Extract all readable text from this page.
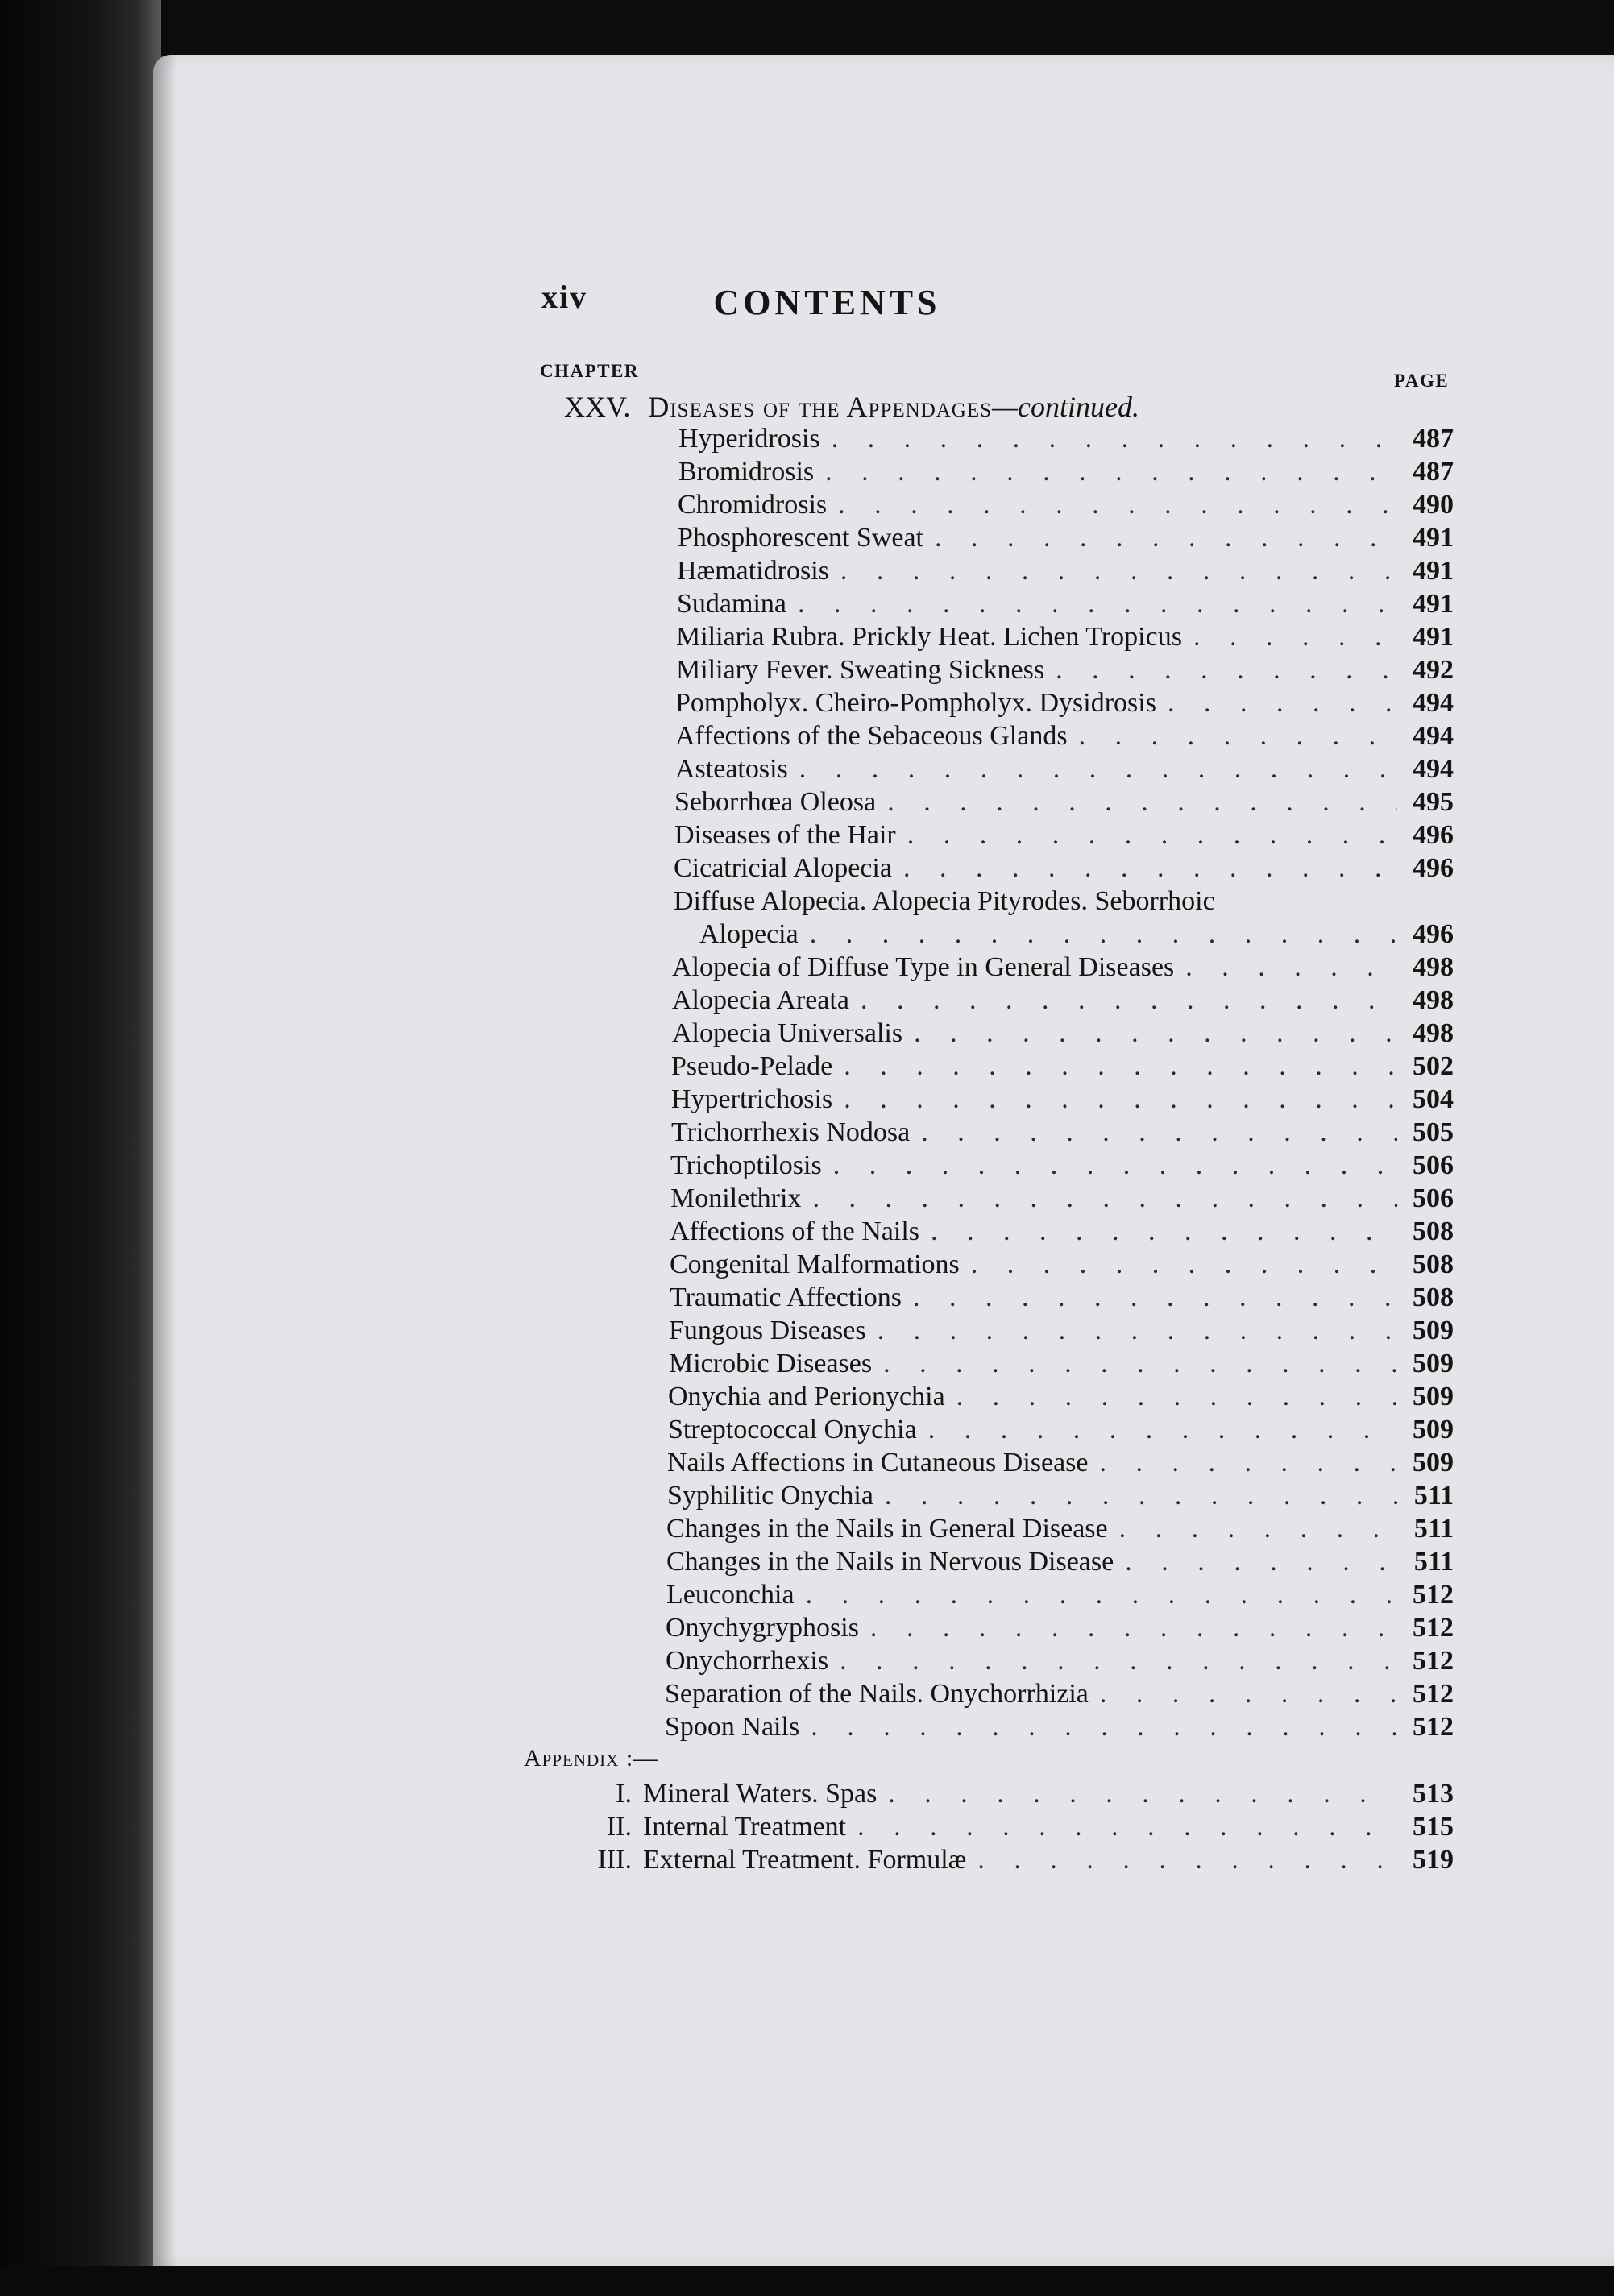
xiv	CONTENTS
CHAPTER	PAGE
XXV. Diseases of the Appendages—continued.
Hyperidrosis . . .	487
Bromidrosis . . .	487
Chromidrosis . . .	490
Phosphorescent Sweat . . .	491
Hæmatidrosis . . .	491
Sudamina . . .	491
Miliaria Rubra. Prickly Heat. Lichen Tropicus . . .	491
Miliary Fever. Sweating Sickness . . .	492
Pompholyx. Cheiro-Pompholyx. Dysidrosis . . .	494
Affections of the Sebaceous Glands . . .	494
Asteatosis . . .	494
Seborrhœa Oleosa . . .	495
Diseases of the Hair . . .	496
Cicatricial Alopecia . . .	496
Diffuse Alopecia. Alopecia Pityrodes. Seborrhoic
Alopecia . . .	496
Alopecia of Diffuse Type in General Diseases . . .	498
Alopecia Areata . . .	498
Alopecia Universalis . . .	498
Pseudo-Pelade . . .	502
Hypertrichosis . . .	504
Trichorrhexis Nodosa . . .	505
Trichoptilosis . . .	506
Monilethrix . . .	506
Affections of the Nails . . .	508
Congenital Malformations . . .	508
Traumatic Affections . . .	508
Fungous Diseases . . .	509
Microbic Diseases . . .	509
Onychia and Perionychia . . .	509
Streptococcal Onychia . . .	509
Nails Affections in Cutaneous Disease . . .	509
Syphilitic Onychia . . .	511
Changes in the Nails in General Disease . . .	511
Changes in the Nails in Nervous Disease . . .	511
Leuconchia . . .	512
Onychygryphosis . . .	512
Onychorrhexis . . .	512
Separation of the Nails. Onychorrhizia . . .	512
Spoon Nails . . .	512
Appendix :—
I. Mineral Waters. Spas . . .	513
II. Internal Treatment . . .	515
III. External Treatment. Formulæ . . .	519
